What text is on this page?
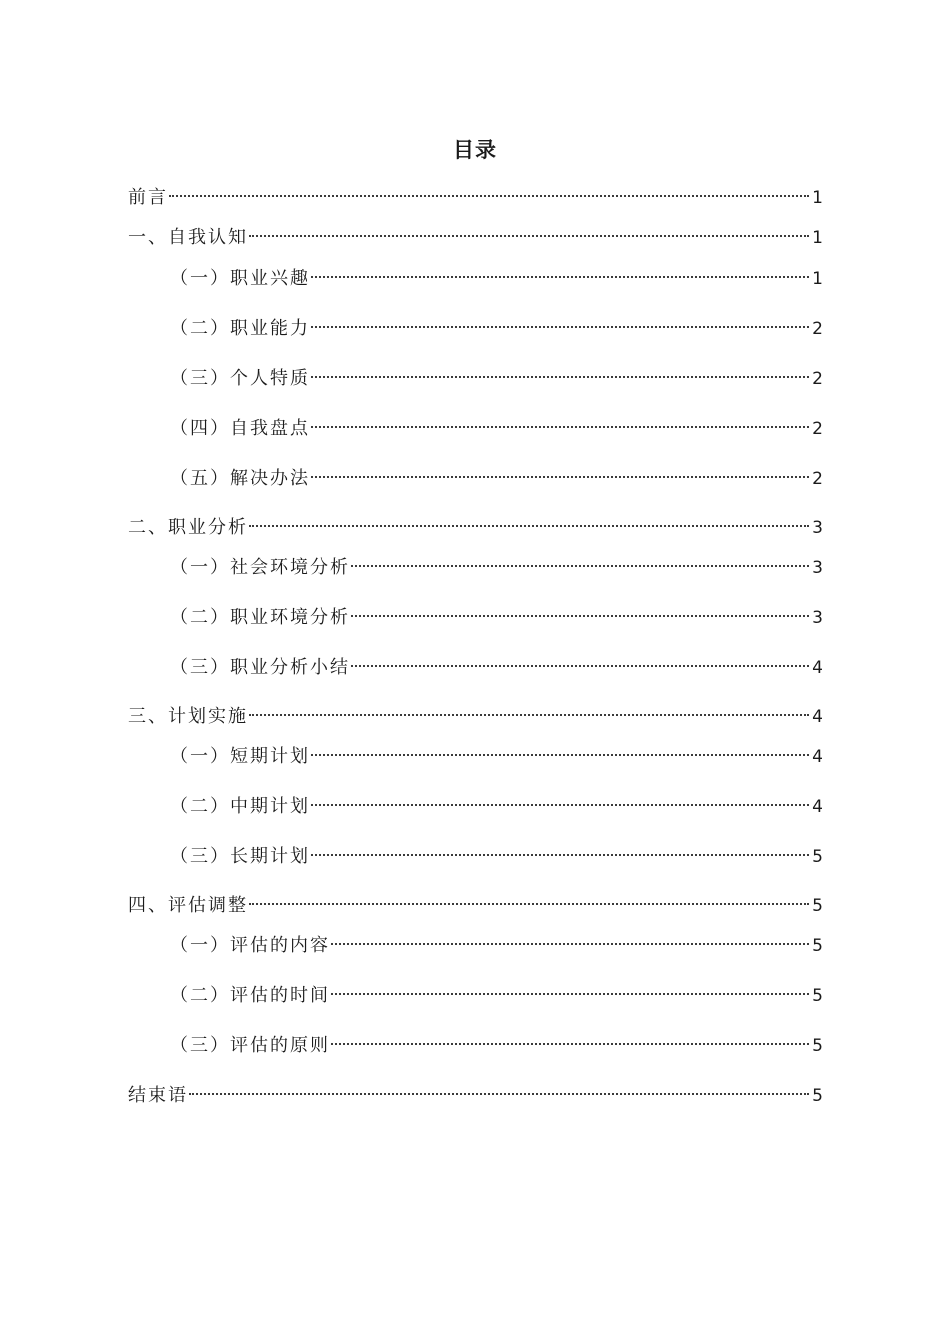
目录
前言	1
一、自我认知	1
（一）职业兴趣	1
（二）职业能力	2
（三）个人特质	2
（四）自我盘点	2
（五）解决办法	2
二、职业分析	3
（一）社会环境分析	3
（二）职业环境分析	3
（三）职业分析小结	4
三、计划实施	4
（一）短期计划	4
（二）中期计划	4
（三）长期计划	5
四、评估调整	5
（一）评估的内容	5
（二）评估的时间	5
（三）评估的原则	5
结束语	5
